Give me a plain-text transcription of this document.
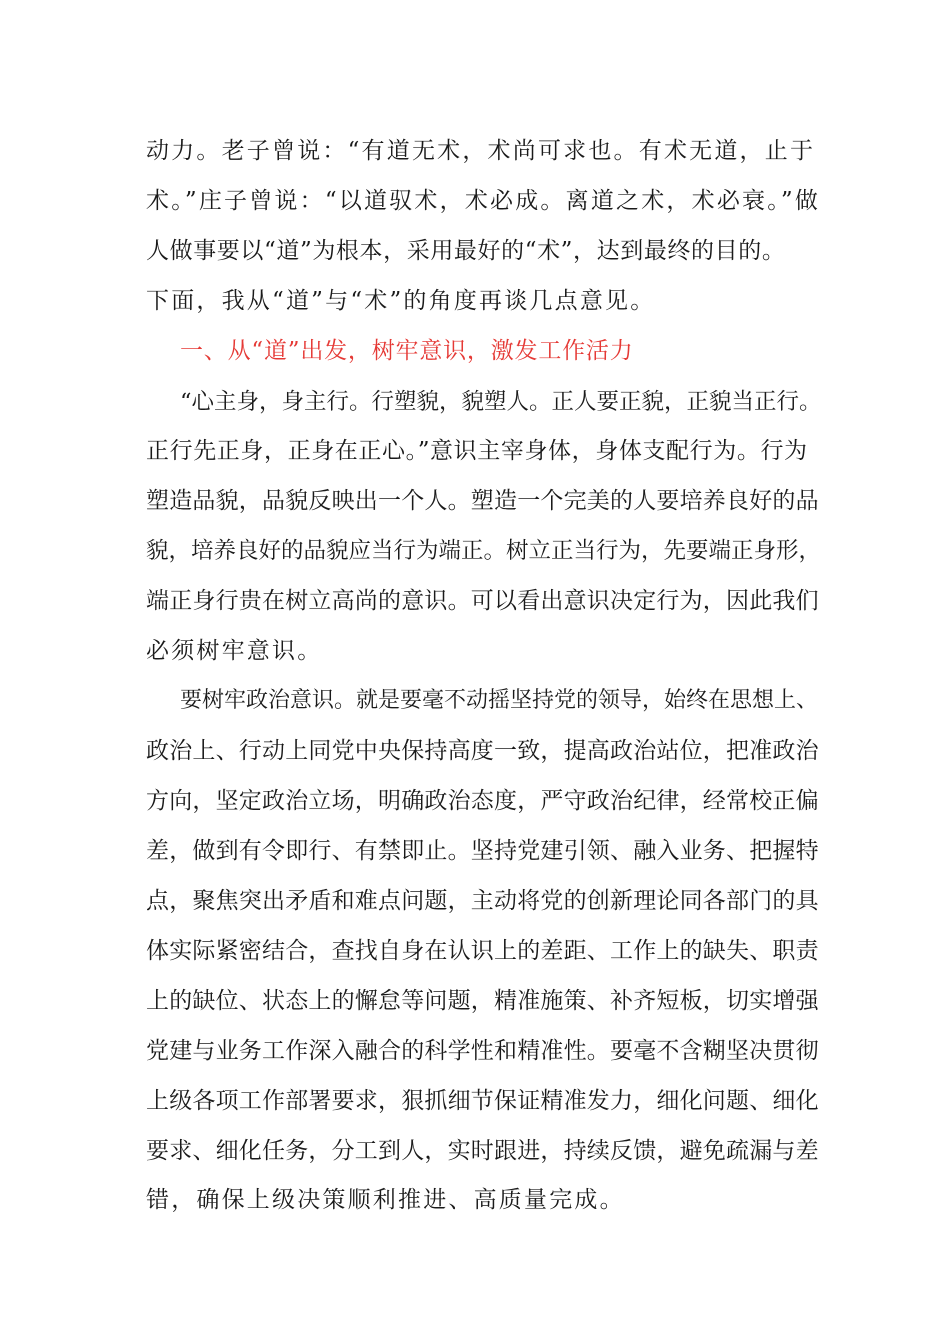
动力。老子曾说：“有道无术，术尚可求也。有术无道，止于
术。”庄子曾说：“以道驭术，术必成。离道之术，术必衰。”做
人做事要以“道”为根本，采用最好的“术”，达到最终的目的。
下面，我从“道”与“术”的角度再谈几点意见。
一、从“道”出发，树牢意识，激发工作活力
“心主身，身主行。行塑貌，貌塑人。正人要正貌，正貌当正行。
正行先正身，正身在正心。”意识主宰身体，身体支配行为。行为
塑造品貌，品貌反映出一个人。塑造一个完美的人要培养良好的品
貌，培养良好的品貌应当行为端正。树立正当行为，先要端正身形，
端正身行贵在树立高尚的意识。可以看出意识决定行为，因此我们
必须树牢意识。
要树牢政治意识。就是要毫不动摇坚持党的领导，始终在思想上、
政治上、行动上同党中央保持高度一致，提高政治站位，把准政治
方向，坚定政治立场，明确政治态度，严守政治纪律，经常校正偏
差，做到有令即行、有禁即止。坚持党建引领、融入业务、把握特
点，聚焦突出矛盾和难点问题，主动将党的创新理论同各部门的具
体实际紧密结合，查找自身在认识上的差距、工作上的缺失、职责
上的缺位、状态上的懈怠等问题，精准施策、补齐短板，切实增强
党建与业务工作深入融合的科学性和精准性。要毫不含糊坚决贯彻
上级各项工作部署要求，狠抓细节保证精准发力，细化问题、细化
要求、细化任务，分工到人，实时跟进，持续反馈，避免疏漏与差
错，确保上级决策顺利推进、高质量完成。
